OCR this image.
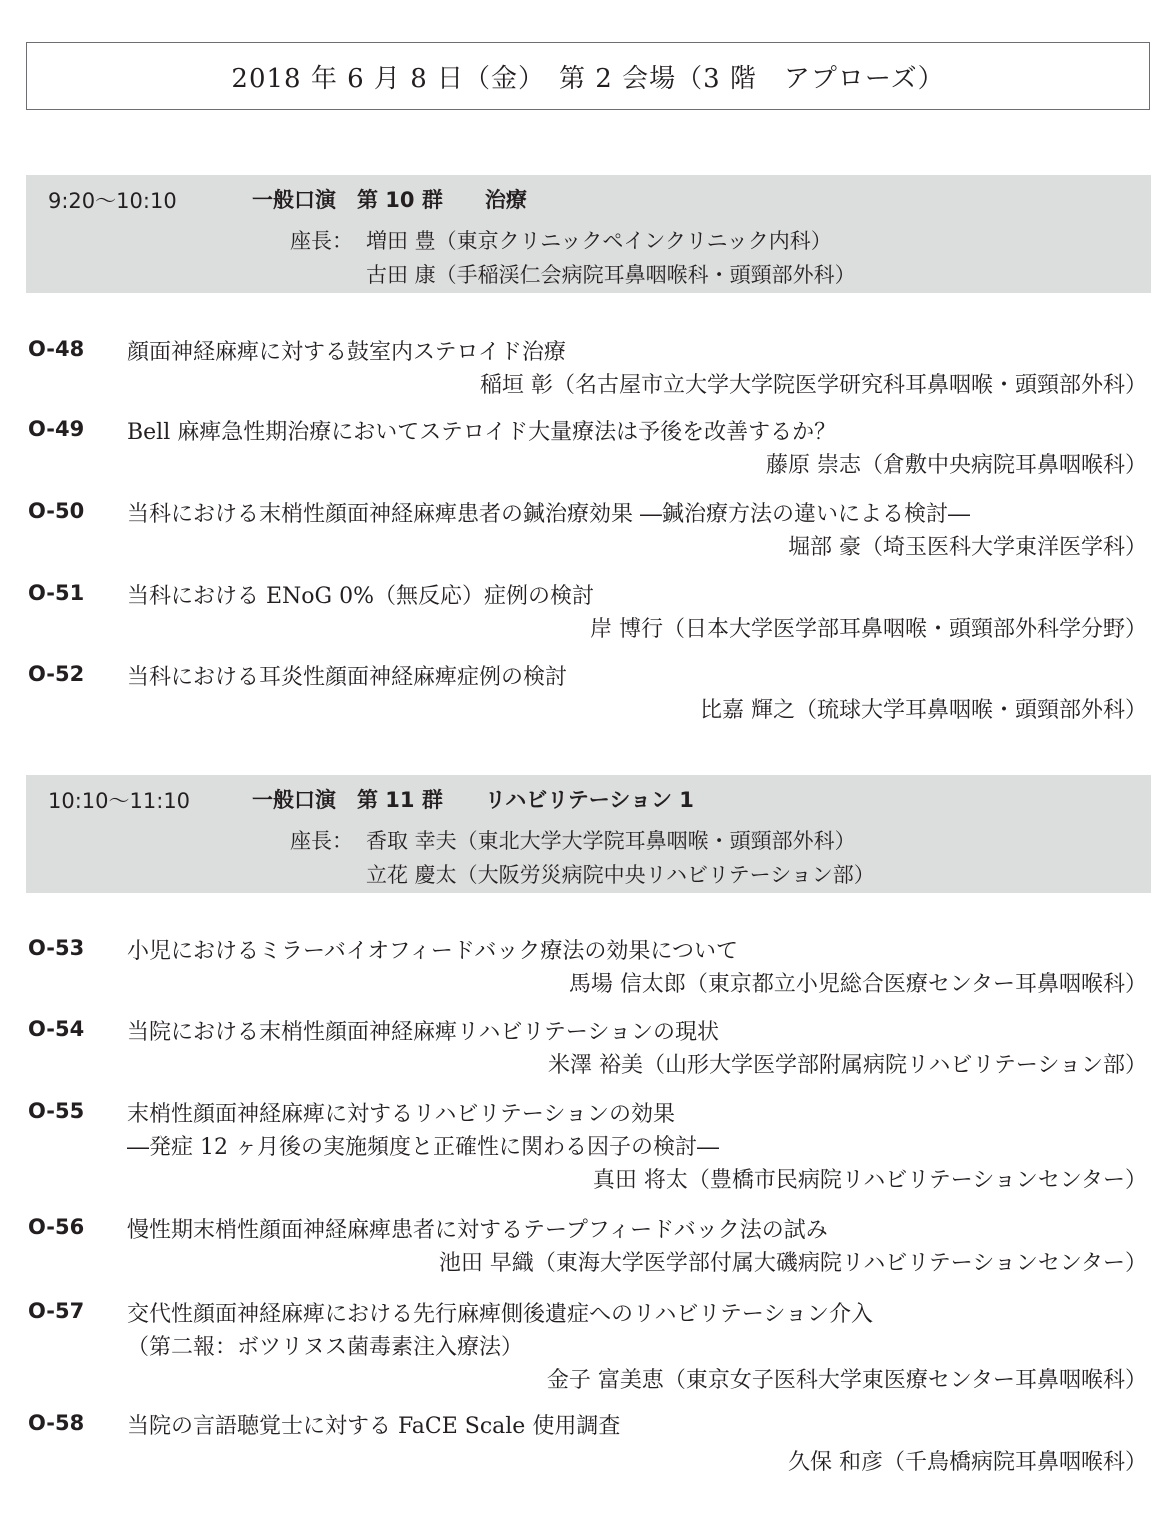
2018 年 6 月 8 日（金）　第 2 会場（3 階　アプローズ）
9:20〜10:10	一般口演　第 10 群　　治療
座長： 増田 豊（東京クリニックペインクリニック内科）
古田 康（手稲渓仁会病院耳鼻咽喉科・頭頸部外科）
O-48 顔面神経麻痺に対する鼓室内ステロイド治療
稲垣 彰（名古屋市立大学大学院医学研究科耳鼻咽喉・頭頸部外科）
O-49 Bell 麻痺急性期治療においてステロイド大量療法は予後を改善するか？
藤原 崇志（倉敷中央病院耳鼻咽喉科）
O-50 当科における末梢性顔面神経麻痺患者の鍼治療効果 ―鍼治療方法の違いによる検討―
堀部 豪（埼玉医科大学東洋医学科）
O-51 当科における ENoG 0%（無反応）症例の検討
岸 博行（日本大学医学部耳鼻咽喉・頭頸部外科学分野）
O-52 当科における耳炎性顔面神経麻痺症例の検討
比嘉 輝之（琉球大学耳鼻咽喉・頭頸部外科）
10:10〜11:10	一般口演　第 11 群　　リハビリテーション 1
座長： 香取 幸夫（東北大学大学院耳鼻咽喉・頭頸部外科）
立花 慶太（大阪労災病院中央リハビリテーション部）
O-53 小児におけるミラーバイオフィードバック療法の効果について
馬場 信太郎（東京都立小児総合医療センター耳鼻咽喉科）
O-54 当院における末梢性顔面神経麻痺リハビリテーションの現状
米澤 裕美（山形大学医学部附属病院リハビリテーション部）
O-55 末梢性顔面神経麻痺に対するリハビリテーションの効果
―発症 12 ヶ月後の実施頻度と正確性に関わる因子の検討―
真田 将太（豊橋市民病院リハビリテーションセンター）
O-56 慢性期末梢性顔面神経麻痺患者に対するテープフィードバック法の試み
池田 早織（東海大学医学部付属大磯病院リハビリテーションセンター）
O-57 交代性顔面神経麻痺における先行麻痺側後遺症へのリハビリテーション介入
（第二報：ボツリヌス菌毒素注入療法）
金子 富美恵（東京女子医科大学東医療センター耳鼻咽喉科）
O-58 当院の言語聴覚士に対する FaCE Scale 使用調査
久保 和彦（千鳥橋病院耳鼻咽喉科）
